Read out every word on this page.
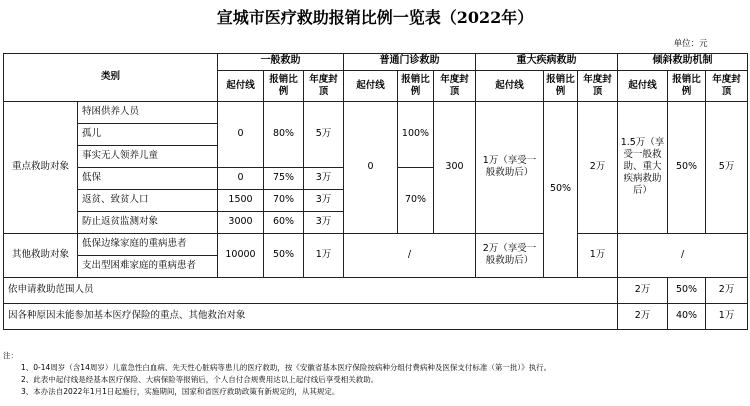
宣城市医疗救助报销比例一览表（2022年）
单位：元													
类别		一般救助			普通门诊救助			重大疾病救助			倾斜救助机制		
		起付线	报销比例	年度封顶	起付线	报销比例	年度封顶	起付线	报销比例	年度封顶	起付线	报销比例	年度封顶
重点救助对象	特困供养人员	0	80%	5万	0	100%	300	1万（享受一般救助后）	50%	2万	1.5万（享受一般救助、重大疾病救助后）	50%	5万
	孤儿												
	事实无人领养儿童												
	低保	0	75%	3万		70%							
	返贫、致贫人口	1500	70%	3万									
	防止返贫监测对象	3000	60%	3万									
其他救助对象	低保边缘家庭的重病患者	10000	50%	1万	/			2万（享受一般救助后）		1万	/		
	支出型困难家庭的重病患者												
依申请救助范围人员											2万	50%	2万
因各种原因未能参加基本医疗保险的重点、其他救治对象											2万	40%	1万
注：
1、0-14周岁（含14周岁）儿童急性白血病、先天性心脏病等患儿的医疗救助，按《安徽省基本医疗保险按病种分组付费病种及医保支付标准（第一批）》执行。
2、此表中起付线是经基本医疗保险、大病保险等报销后，个人自付合规费用达以上起付线后享受相关救助。
3、本办法自2022年1月1日起施行，实施期间，国家和省医疗救助政策有新规定的，从其规定。
